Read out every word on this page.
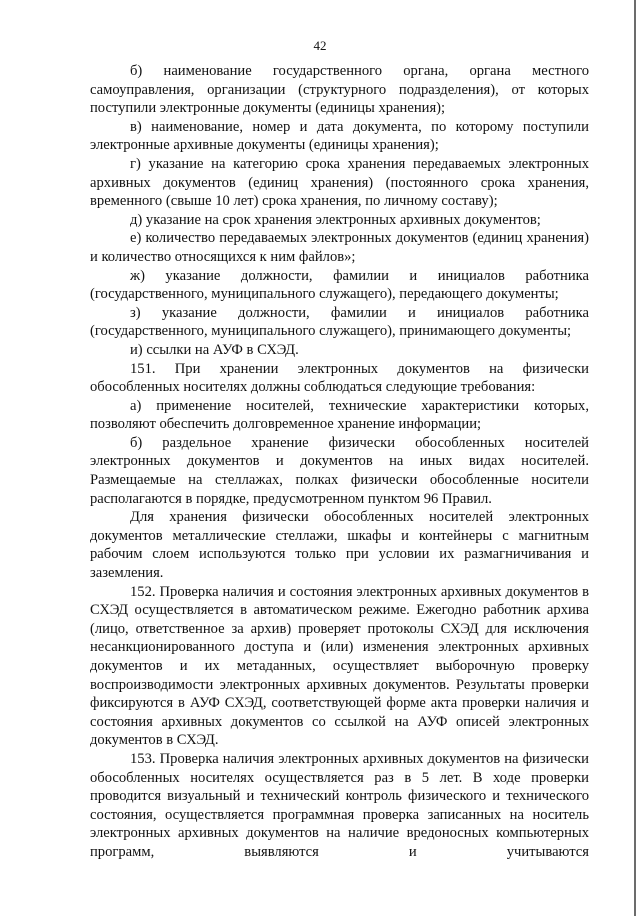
42

б) наименование государственного органа, органа местного самоуправления, организации (структурного подразделения), от которых поступили электронные документы (единицы хранения);

в) наименование, номер и дата документа, по которому поступили электронные архивные документы (единицы хранения);

г) указание на категорию срока хранения передаваемых электронных архивных документов (единиц хранения) (постоянного срока хранения, временного (свыше 10 лет) срока хранения, по личному составу);

д) указание на срок хранения электронных архивных документов;

е) количество передаваемых электронных документов (единиц хранения) и количество относящихся к ним файлов»;

ж) указание должности, фамилии и инициалов работника (государственного, муниципального служащего), передающего документы;

з) указание должности, фамилии и инициалов работника (государственного, муниципального служащего), принимающего документы;

и) ссылки на АУФ в СХЭД.

151. При хранении электронных документов на физически обособленных носителях должны соблюдаться следующие требования:

а) применение носителей, технические характеристики которых, позволяют обеспечить долговременное хранение информации;

б) раздельное хранение физически обособленных носителей электронных документов и документов на иных видах носителей. Размещаемые на стеллажах, полках физически обособленные носители располагаются в порядке, предусмотренном пунктом 96 Правил.

Для хранения физически обособленных носителей электронных документов металлические стеллажи, шкафы и контейнеры с магнитным рабочим слоем используются только при условии их размагничивания и заземления.

152. Проверка наличия и состояния электронных архивных документов в СХЭД осуществляется в автоматическом режиме. Ежегодно работник архива (лицо, ответственное за архив) проверяет протоколы СХЭД для исключения несанкционированного доступа и (или) изменения электронных архивных документов и их метаданных, осуществляет выборочную проверку воспроизводимости электронных архивных документов. Результаты проверки фиксируются в АУФ СХЭД, соответствующей форме акта проверки наличия и состояния архивных документов со ссылкой на АУФ описей электронных документов в СХЭД.

153. Проверка наличия электронных архивных документов на физически обособленных носителях осуществляется раз в 5 лет. В ходе проверки проводится визуальный и технический контроль физического и технического состояния, осуществляется программная проверка записанных на носитель электронных архивных документов на наличие вредоносных компьютерных программ, выявляются и учитываются
